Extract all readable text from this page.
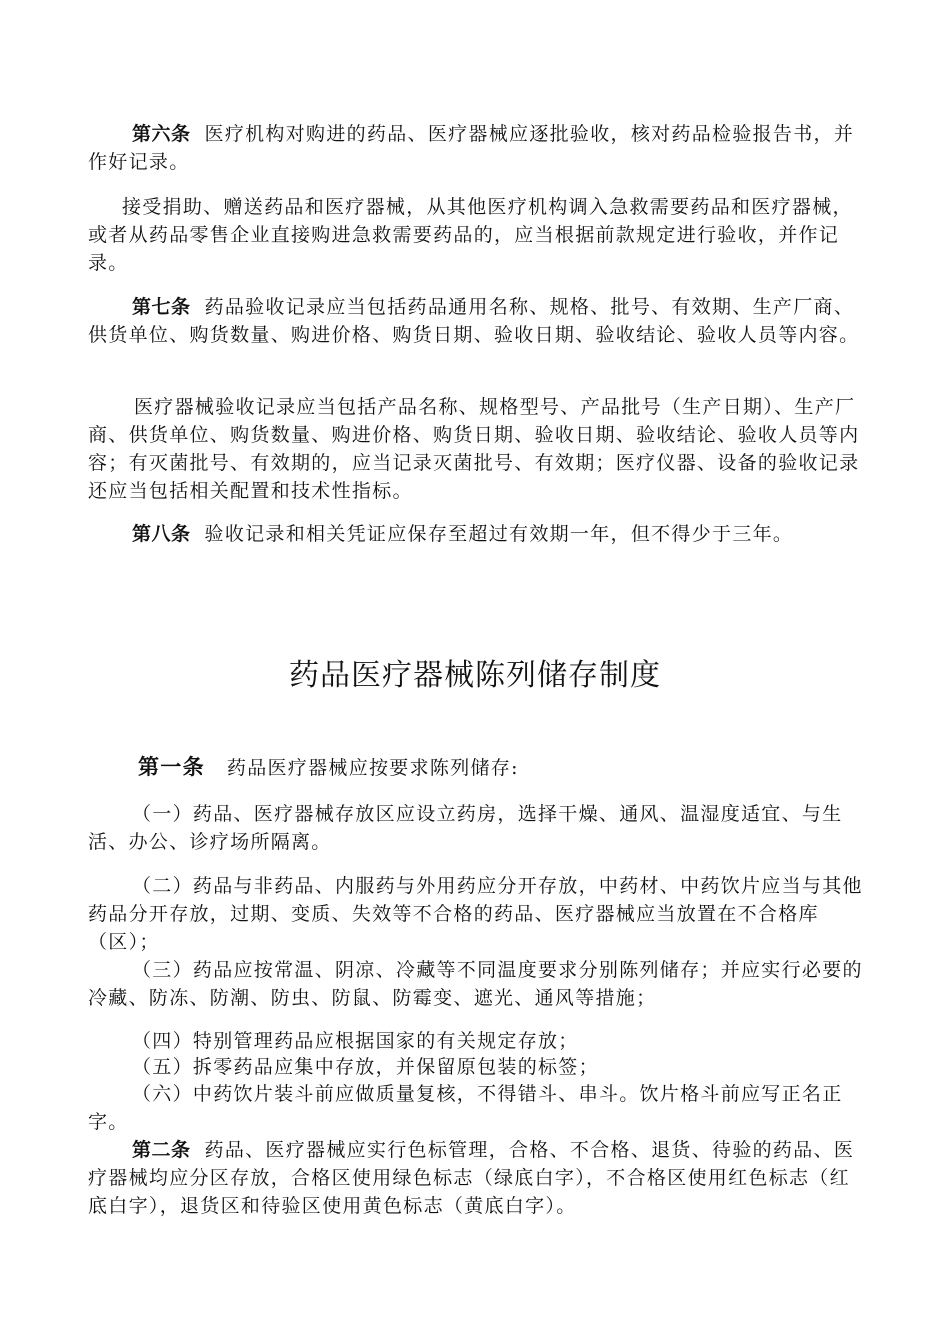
第六条 医疗机构对购进的药品、医疗器械应逐批验收，核对药品检验报告书，并作好记录。

接受捐助、赠送药品和医疗器械，从其他医疗机构调入急救需要药品和医疗器械，或者从药品零售企业直接购进急救需要药品的，应当根据前款规定进行验收，并作记录。

第七条 药品验收记录应当包括药品通用名称、规格、批号、有效期、生产厂商、供货单位、购货数量、购进价格、购货日期、验收日期、验收结论、验收人员等内容。

医疗器械验收记录应当包括产品名称、规格型号、产品批号（生产日期）、生产厂商、供货单位、购货数量、购进价格、购货日期、验收日期、验收结论、验收人员等内容；有灭菌批号、有效期的，应当记录灭菌批号、有效期；医疗仪器、设备的验收记录还应当包括相关配置和技术性指标。

第八条 验收记录和相关凭证应保存至超过有效期一年，但不得少于三年。

药品医疗器械陈列储存制度

第一条 药品医疗器械应按要求陈列储存:

（一）药品、医疗器械存放区应设立药房，选择干燥、通风、温湿度适宜、与生活、办公、诊疗场所隔离。

（二）药品与非药品、内服药与外用药应分开存放，中药材、中药饮片应当与其他药品分开存放，过期、变质、失效等不合格的药品、医疗器械应当放置在不合格库（区）；

（三）药品应按常温、阴凉、冷藏等不同温度要求分别陈列储存；并应实行必要的冷藏、防冻、防潮、防虫、防鼠、防霉变、遮光、通风等措施；

（四）特别管理药品应根据国家的有关规定存放；

（五）拆零药品应集中存放，并保留原包装的标签；

（六）中药饮片装斗前应做质量复核，不得错斗、串斗。饮片格斗前应写正名正字。

第二条 药品、医疗器械应实行色标管理，合格、不合格、退货、待验的药品、医疗器械均应分区存放，合格区使用绿色标志（绿底白字），不合格区使用红色标志（红底白字），退货区和待验区使用黄色标志（黄底白字）。
